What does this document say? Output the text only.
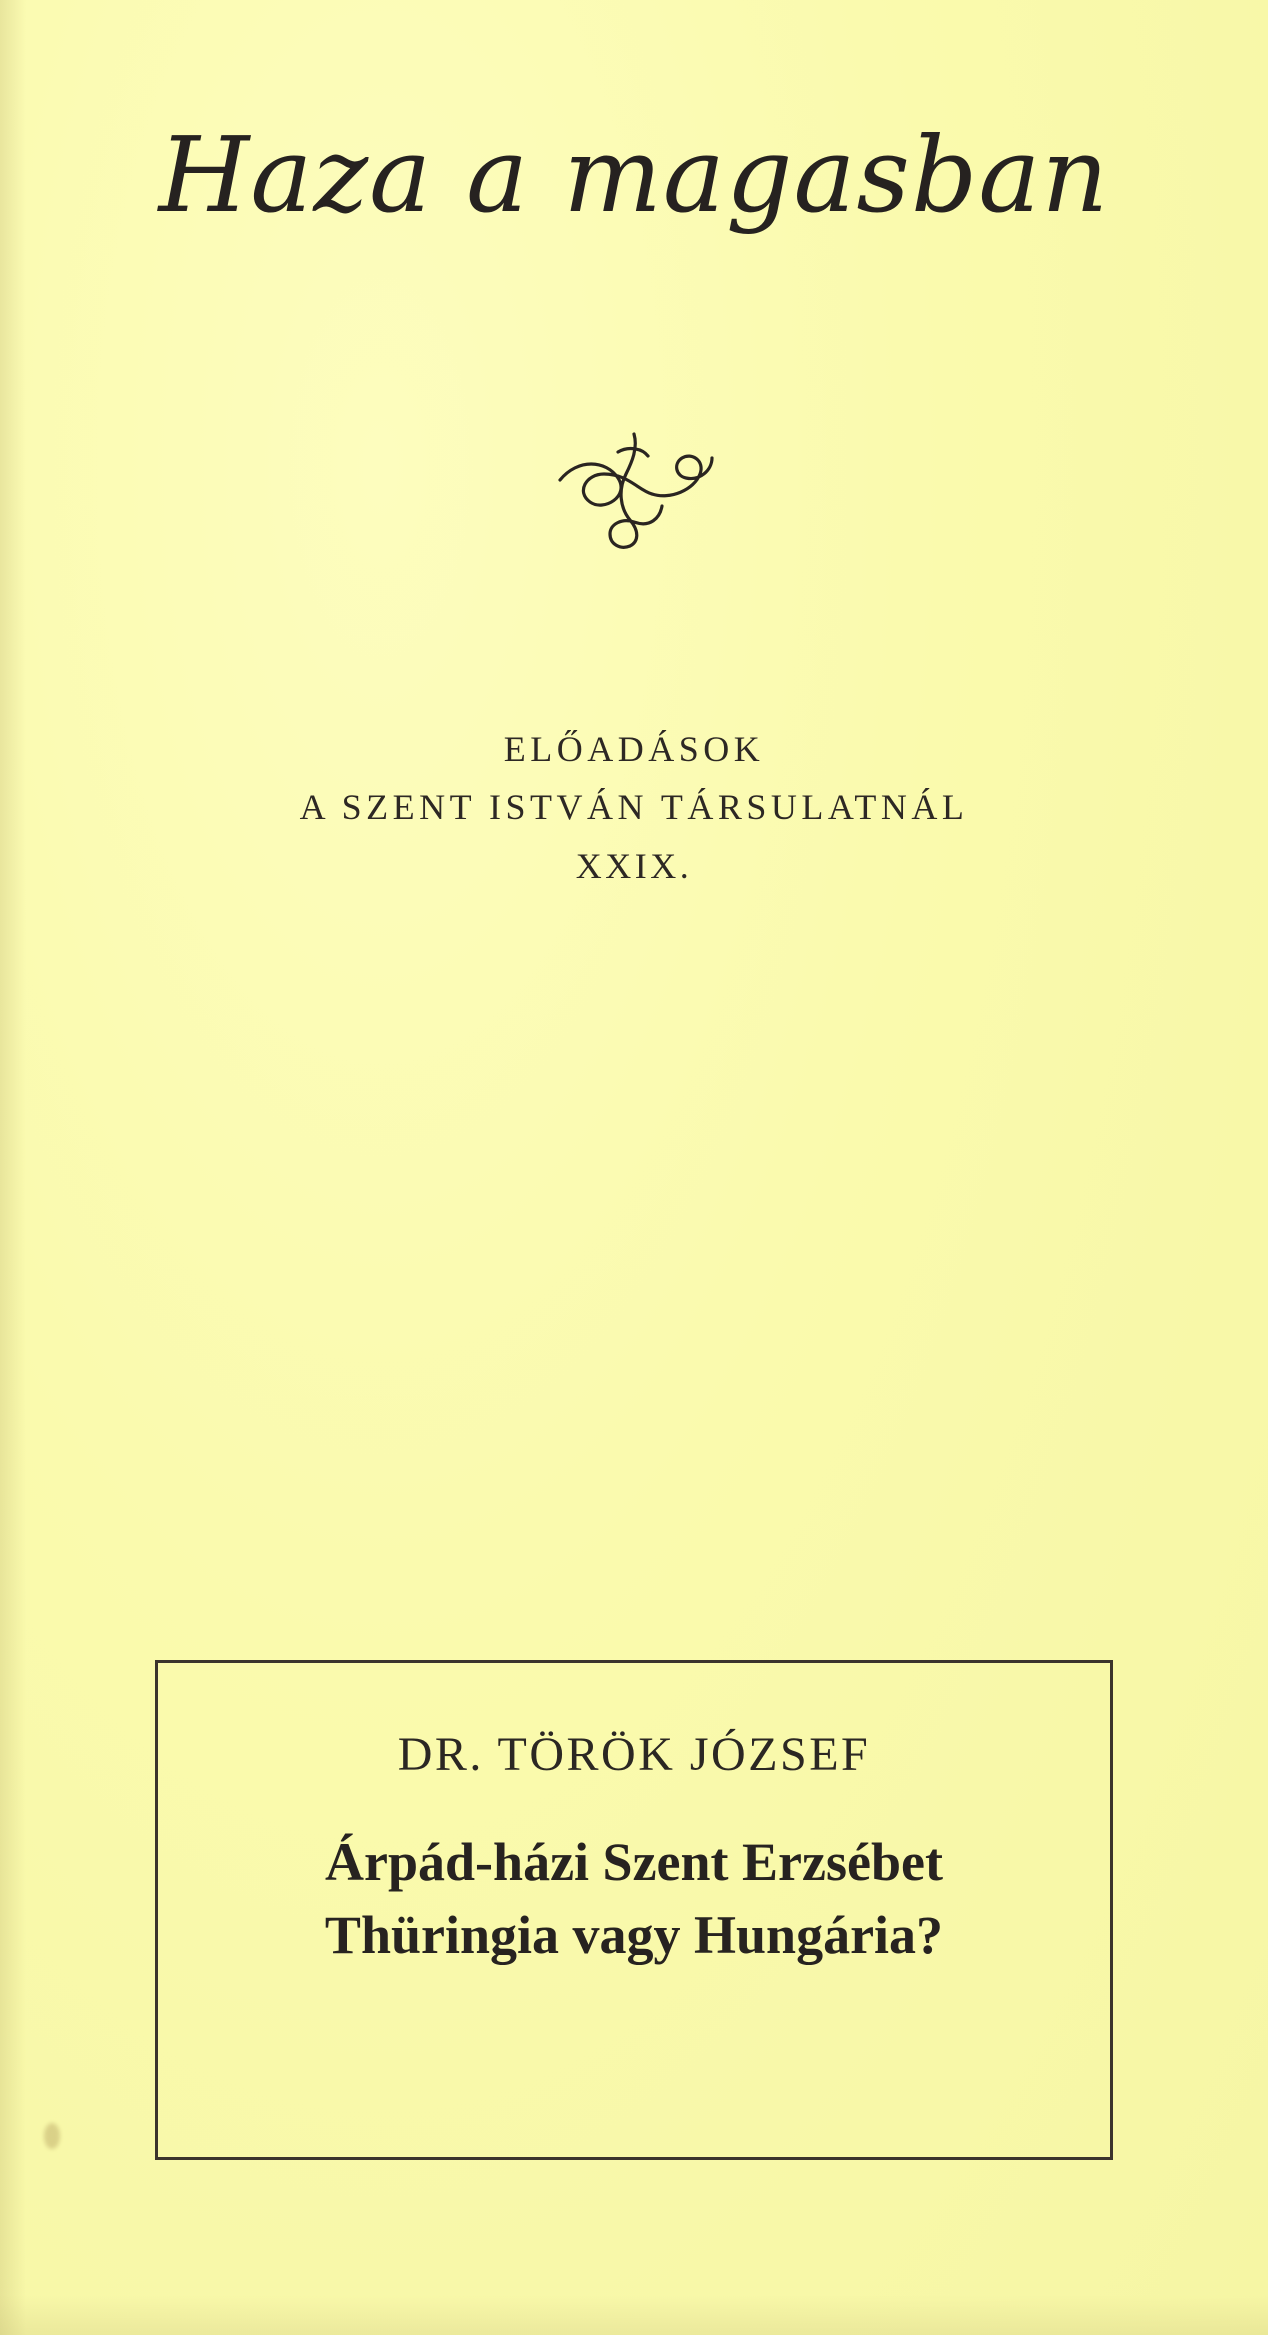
Haza a magasban
ELŐADÁSOK
A SZENT ISTVÁN TÁRSULATNÁL
XXIX.
DR. TÖRÖK JÓZSEF
Árpád-házi Szent Erzsébet
Thüringia vagy Hungária?
